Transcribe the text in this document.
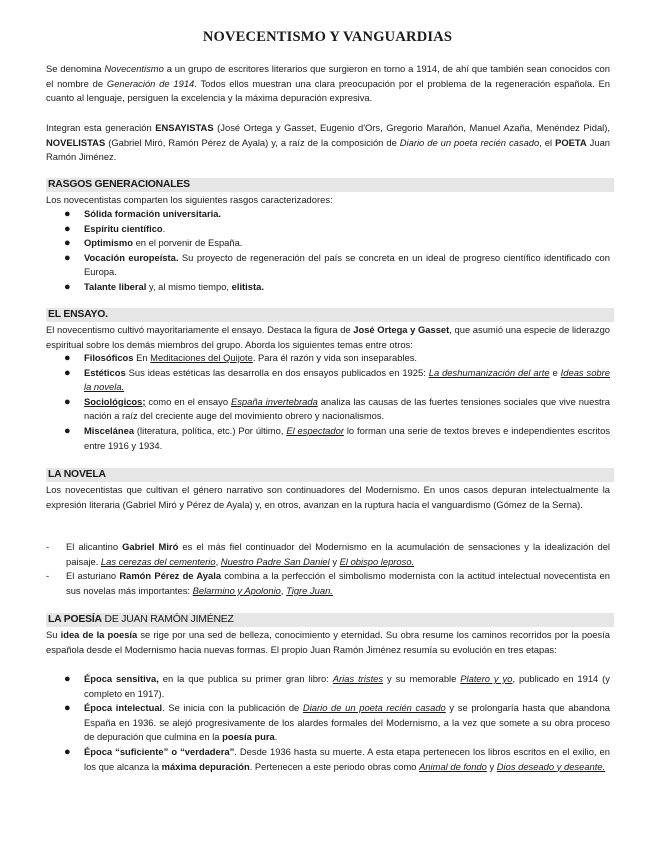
NOVECENTISMO Y VANGUARDIAS

Se denomina Novecentismo a un grupo de escritores literarios que surgieron en torno a 1914, de ahí que también sean conocidos con el nombre de Generación de 1914. Todos ellos muestran una clara preocupación por el problema de la regeneración española. En cuanto al lenguaje, persiguen la excelencia y la máxima depuración expresiva.

Integran esta generación ENSAYISTAS (José Ortega y Gasset, Eugenio d'Ors, Gregorio Marañón, Manuel Azaña, Menéndez Pidal), NOVELISTAS (Gabriel Miró, Ramón Pérez de Ayala) y, a raíz de la composición de Diario de un poeta recién casado, el POETA Juan Ramón Jiménez.

RASGOS GENERACIONALES

Los novecentistas comparten los siguientes rasgos caracterizadores:

● Sólida formación universitaria.
● Espíritu científico.
● Optimismo en el porvenir de España.
● Vocación europeísta. Su proyecto de regeneración del país se concreta en un ideal de progreso científico identificado con Europa.
● Talante liberal y, al mismo tiempo, elitista.
EL ENSAYO.

El novecentismo cultivó mayoritariamente el ensayo. Destaca la figura de José Ortega y Gasset, que asumió una especie de liderazgo espiritual sobre los demás miembros del grupo. Aborda los siguientes temas entre otros:

● Filosóficos En Meditaciones del Quijote. Para él razón y vida son inseparables.
● Estéticos Sus ideas estéticas las desarrolla en dos ensayos publicados en 1925: La deshumanización del arte e Ideas sobre la novela.
● Sociológicos; como en el ensayo España invertebrada analiza las causas de las fuertes tensiones sociales que vive nuestra nación a raíz del creciente auge del movimiento obrero y nacionalismos.
● Miscelánea (literatura, política, etc.) Por último, El espectador lo forman una serie de textos breves e independientes escritos entre 1916 y 1934.
LA NOVELA

Los novecentistas que cultivan el género narrativo son continuadores del Modernismo. En unos casos depuran intelectualmente la expresión literaria (Gabriel Miró y Pérez de Ayala) y, en otros, avanzan en la ruptura hacia el vanguardismo (Gómez de la Serna).

- El alicantino Gabriel Miró es el más fiel continuador del Modernismo en la acumulación de sensaciones y la idealización del paisaje. Las cerezas del cementerio, Nuestro Padre San Daniel y El obispo leproso.
- El asturiano Ramón Pérez de Ayala combina a la perfección el simbolismo modernista con la actitud intelectual novecentista en sus novelas más importantes: Belarmino y Apolonio, Tigre Juan.
LA POESÍA DE JUAN RAMÓN JIMÉNEZ

Su idea de la poesía se rige por una sed de belleza, conocimiento y eternidad. Su obra resume los caminos recorridos por la poesía española desde el Modernismo hacia nuevas formas. El propio Juan Ramón Jiménez resumía su evolución en tres etapas:

● Época sensitiva, en la que publica su primer gran libro: Arias tristes y su memorable Platero y yo, publicado en 1914 (y completo en 1917).
● Época intelectual. Se inicia con la publicación de Diario de un poeta recién casado y se prolongaría hasta que abandona España en 1936. se alejó progresivamente de los alardes formales del Modernismo, a la vez que somete a su obra proceso de depuración que culmina en la poesía pura.
● Época “suficiente” o “verdadera”. Desde 1936 hasta su muerte. A esta etapa pertenecen los libros escritos en el exilio, en los que alcanza la máxima depuración. Pertenecen a este periodo obras como Animal de fondo y Dios deseado y deseante.
